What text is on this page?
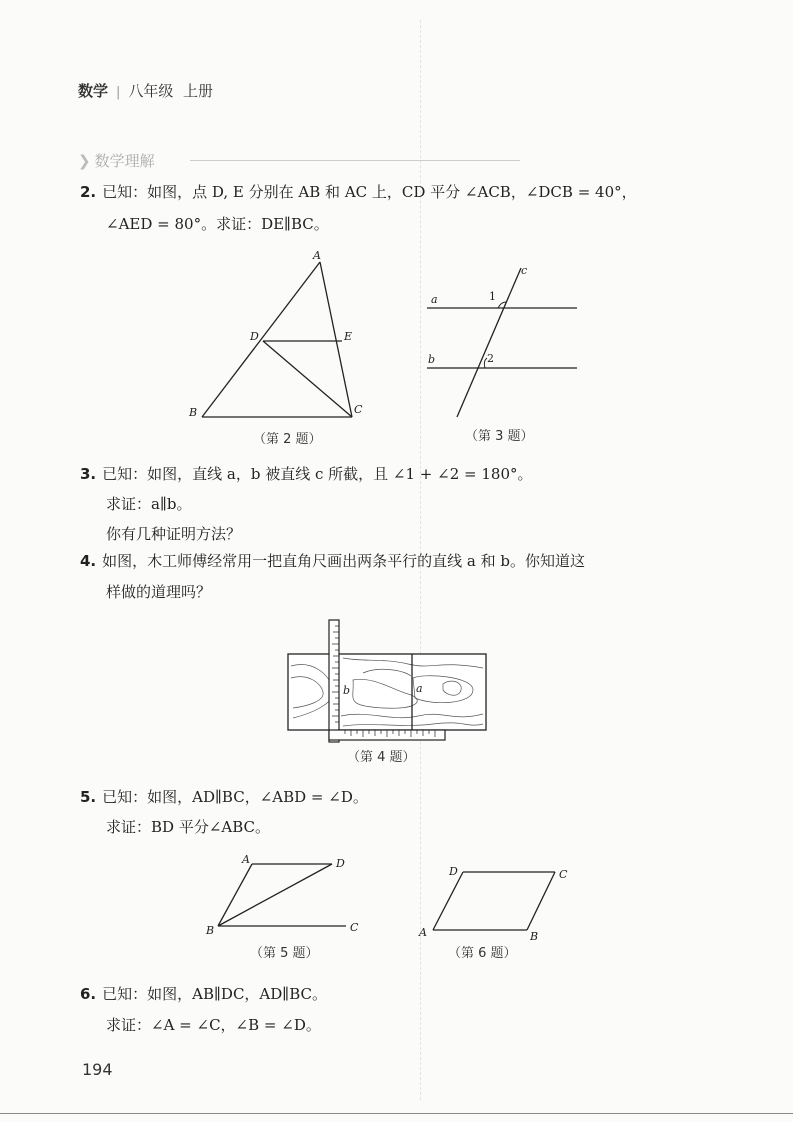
数学 | 八年级 上册
❯ 数学理解
2. 已知：如图，点 D, E 分别在 AB 和 AC 上，CD 平分 ∠ACB，∠DCB = 40°，
∠AED = 80°。求证：DE∥BC。
A
B	C
D	E
（第 2 题）
a
b
c
1
2
（第 3 题）
3. 已知：如图，直线 a，b 被直线 c 所截，且 ∠1 + ∠2 = 180°。
求证：a∥b。
你有几种证明方法？
4. 如图，木工师傅经常用一把直角尺画出两条平行的直线 a 和 b。你知道这
样做的道理吗？
b	a
（第 4 题）
5. 已知：如图，AD∥BC，∠ABD = ∠D。
求证：BD 平分∠ABC。
A	D
B	C
（第 5 题）
D	C
A	B
（第 6 题）
6. 已知：如图，AB∥DC，AD∥BC。
求证：∠A = ∠C，∠B = ∠D。
194
